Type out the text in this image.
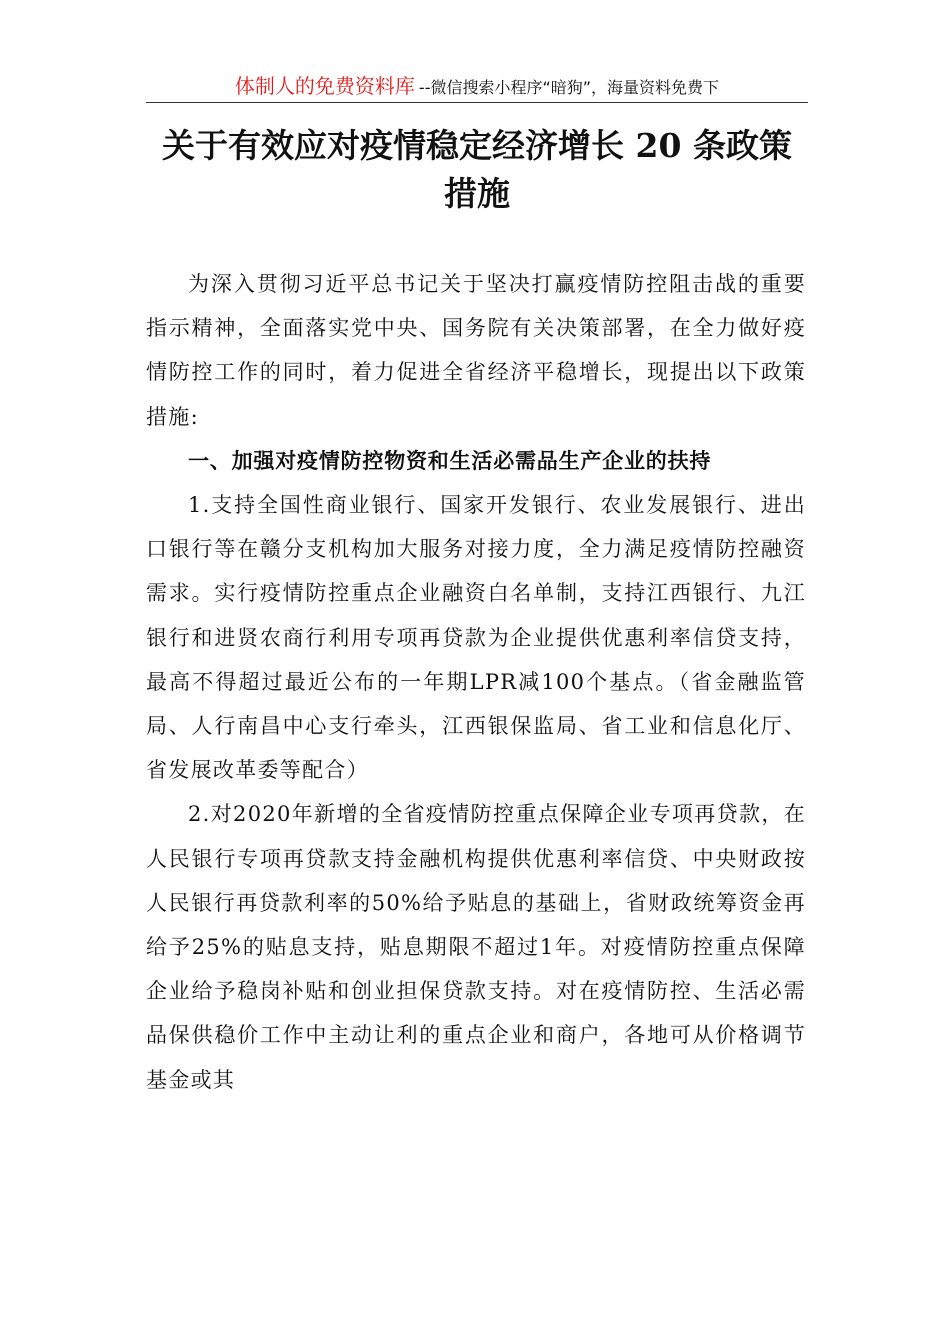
体制人的免费资料库 --微信搜索小程序“暗狗”，海量资料免费下
关于有效应对疫情稳定经济增长 20 条政策
措施

为深入贯彻习近平总书记关于坚决打赢疫情防控阻击战的重要指示精神，全面落实党中央、国务院有关决策部署，在全力做好疫情防控工作的同时，着力促进全省经济平稳增长，现提出以下政策措施:

一、加强对疫情防控物资和生活必需品生产企业的扶持

1.支持全国性商业银行、国家开发银行、农业发展银行、进出口银行等在赣分支机构加大服务对接力度，全力满足疫情防控融资需求。实行疫情防控重点企业融资白名单制，支持江西银行、九江银行和进贤农商行利用专项再贷款为企业提供优惠利率信贷支持，最高不得超过最近公布的一年期LPR减100个基点。（省金融监管局、人行南昌中心支行牵头，江西银保监局、省工业和信息化厅、省发展改革委等配合）

2.对2020年新增的全省疫情防控重点保障企业专项再贷款，在人民银行专项再贷款支持金融机构提供优惠利率信贷、中央财政按人民银行再贷款利率的50%给予贴息的基础上，省财政统筹资金再给予25%的贴息支持，贴息期限不超过1年。对疫情防控重点保障企业给予稳岗补贴和创业担保贷款支持。对在疫情防控、生活必需品保供稳价工作中主动让利的重点企业和商户，各地可从价格调节基金或其
